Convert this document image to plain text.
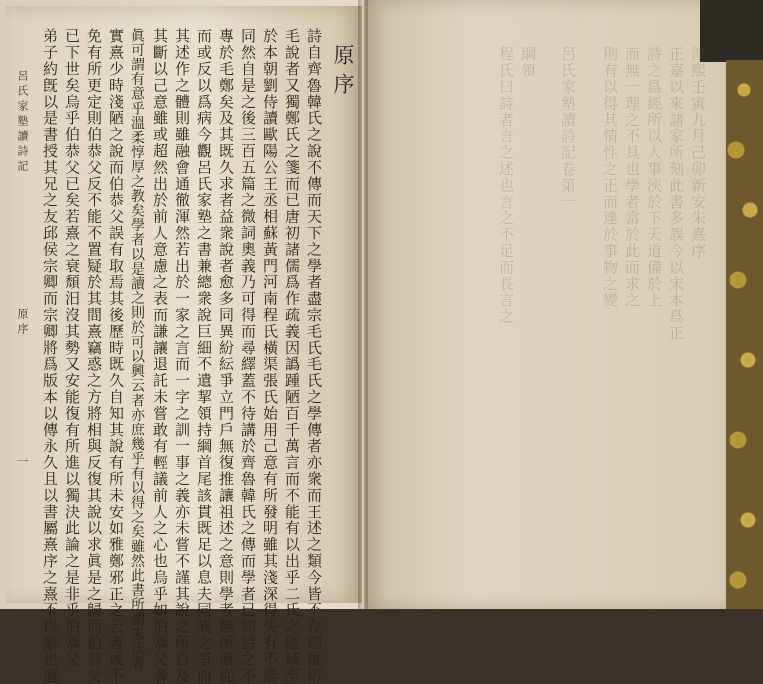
淳熙壬寅九月己卯新安朱熹序
正嘉以來諸家所刻此書多誤今以宋本爲正
詩之爲經所以人事浹於下天道備於上
而無一理之不具也學者當於此而求之
則有以得其情性之正而達於事物之變
呂氏家塾讀詩記卷第一
綱領
程氏曰詩者言之述也言之不足而長言之
原序
詩自齊魯韓氏之說不傳而天下之學者盡宗毛氏毛氏之學傳者亦衆而王述之類今皆不存則推衍
毛說者又獨鄭氏之箋而已唐初諸儒爲作疏義因譌踵陋百千萬言而不能有以出乎二氏之區域至
於本朝劉侍讀歐陽公王丞相蘇黃門河南程氏橫渠張氏始用己意有所發明雖其淺深得失有不能
同然自是之後三百五篇之微詞奧義乃可得而尋繹蓋不待講於齊魯韓氏之傳而學者已知詩之不
專於毛鄭矣及其既久求者益衆說者愈多同異紛紜爭立門戶無復推讓祖述之意則學者無所適從
而或反以爲病今觀呂氏家塾之書兼總衆說巨細不遺挈領持綱首尾該貫既足以息夫同異之爭而
其述作之體則雖融會通徹渾然若出於一家之言而一字之訓一事之義亦未嘗不謹其說之所自及
其斷以己意雖或超然出於前人意慮之表而謙讓退託未嘗敢有輕議前人之心也烏乎如伯恭父者
眞可謂有意乎溫柔惇厚之教矣學者以是讀之則於可以興云者亦庶幾乎有以得之矣雖然此書所謂朱氏者
實熹少時淺陋之說而伯恭父誤有取焉其後歷時既久自知其說有所未安如雅鄭邪正之云者或不
免有所更定則伯恭父反不能不置疑於其間熹竊惑之方將相與反復其說以求眞是之歸而伯恭父
已下世矣烏乎伯恭父已矣若熹之衰頹汨沒其勢又安能復有所進以獨決此論之是非乎伯恭父
弟子約旣以是書授其兄之友邱侯宗卿而宗卿將爲版本以傳永久且以書屬熹序之熹不得辭也適
呂氏家塾讀詩記
原序
一
